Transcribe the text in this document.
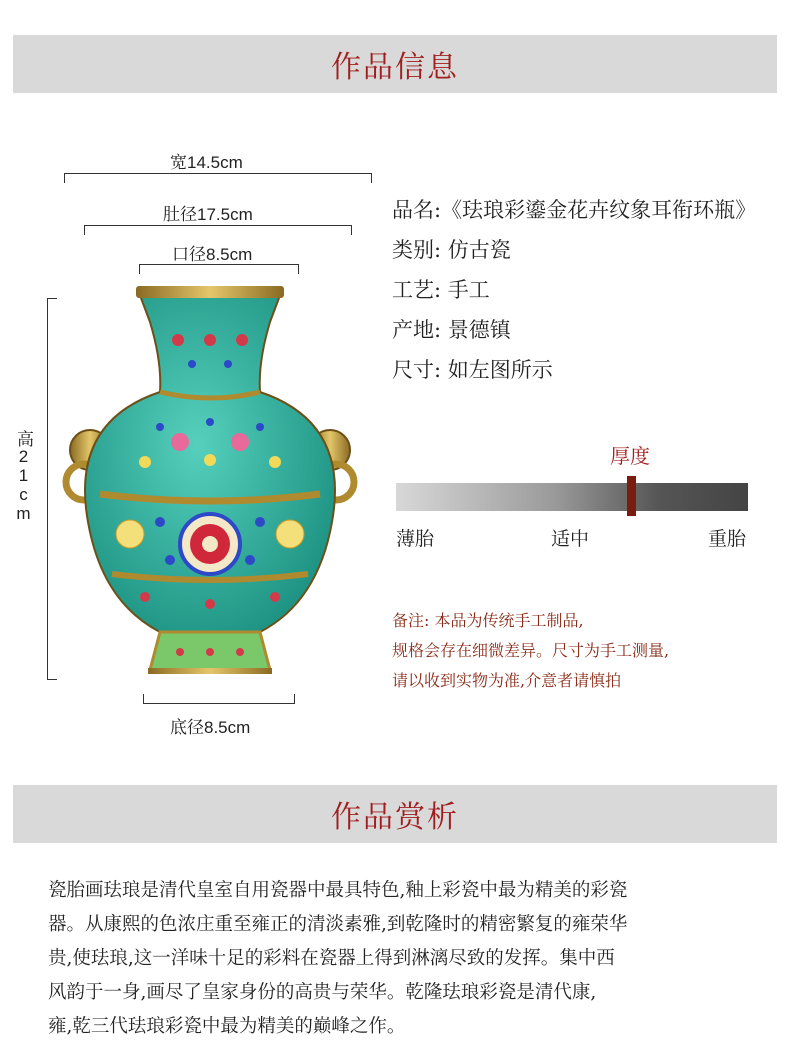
作品信息
宽14.5cm
肚径17.5cm
口径8.5cm
高21cm
底径8.5cm
品名:《珐琅彩鎏金花卉纹象耳衔环瓶》
类别: 仿古瓷
工艺: 手工
产地: 景德镇
尺寸: 如左图所示
厚度
薄胎	适中	重胎
备注: 本品为传统手工制品,
规格会存在细微差异。尺寸为手工测量,
请以收到实物为准,介意者请慎拍
作品赏析
瓷胎画珐琅是清代皇室自用瓷器中最具特色,釉上彩瓷中最为精美的彩瓷
器。从康熙的色浓庄重至雍正的清淡素雅,到乾隆时的精密繁复的雍荣华
贵,使珐琅,这一洋味十足的彩料在瓷器上得到淋漓尽致的发挥。集中西
风韵于一身,画尽了皇家身份的高贵与荣华。乾隆珐琅彩瓷是清代康,
雍,乾三代珐琅彩瓷中最为精美的巅峰之作。
